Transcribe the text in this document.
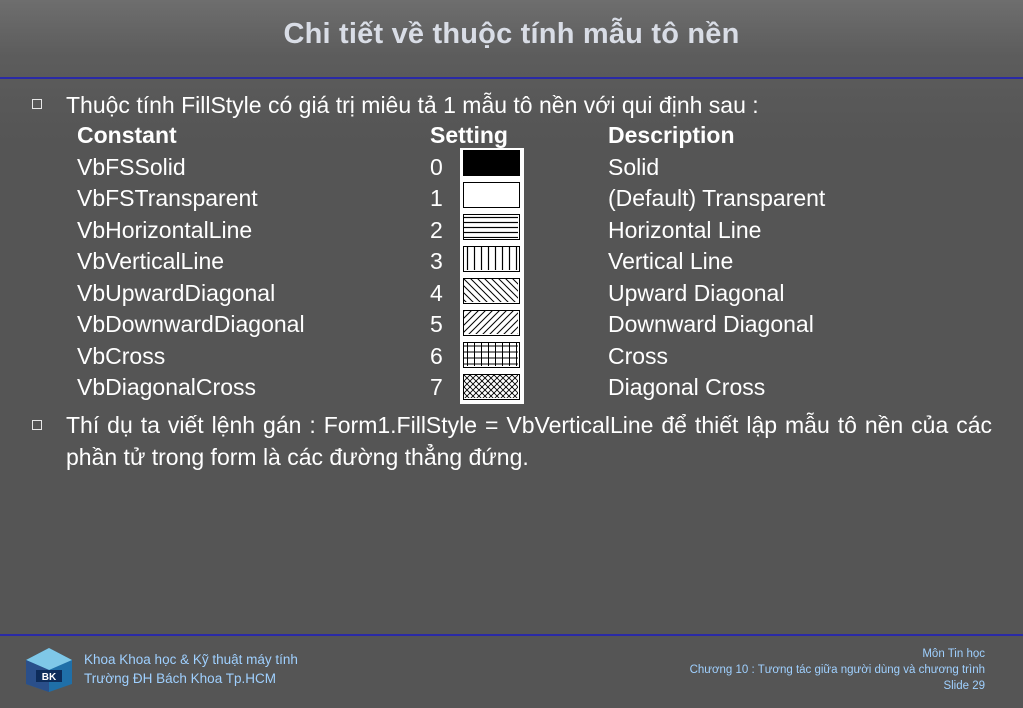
Chi tiết về thuộc tính mẫu tô nền
Thuộc tính FillStyle có giá trị miêu tả 1 mẫu tô nền với qui định sau :
Constant	Setting	Description
VbFSSolid	0	Solid
VbFSTransparent	1	(Default) Transparent
VbHorizontalLine	2	Horizontal Line
VbVerticalLine	3	Vertical Line
VbUpwardDiagonal	4	Upward Diagonal
VbDownwardDiagonal	5	Downward Diagonal
VbCross	6	Cross
VbDiagonalCross	7	Diagonal Cross
Thí dụ ta viết lệnh gán : Form1.FillStyle = VbVerticalLine để thiết lập mẫu tô nền của các phần tử trong form là các đường thẳng đứng.
BK
Khoa Khoa học & Kỹ thuật máy tính
Trường ĐH Bách Khoa Tp.HCM
Môn Tin học
Chương 10 : Tương tác giữa người dùng và chương trình
Slide 29
